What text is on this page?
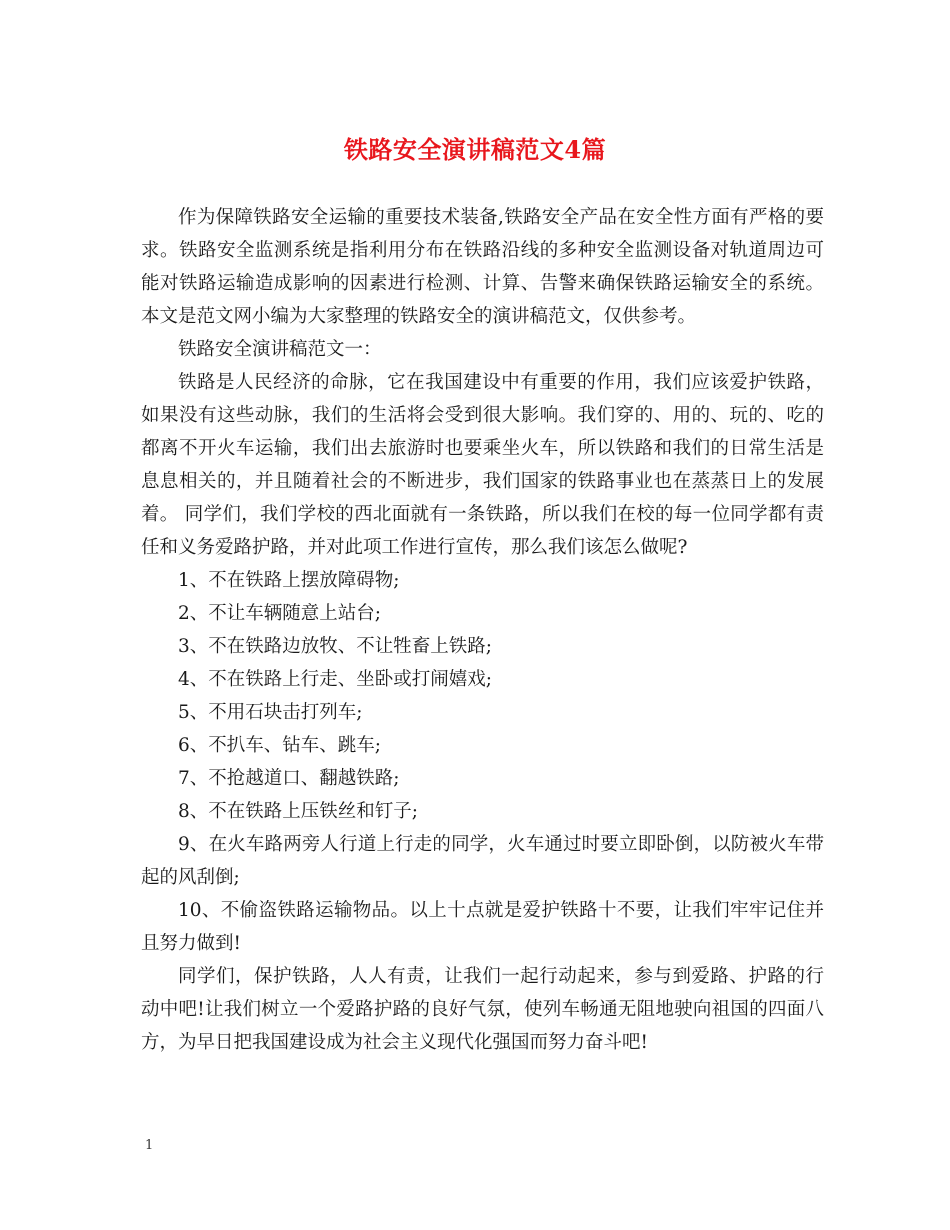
铁路安全演讲稿范文4篇

作为保障铁路安全运输的重要技术装备,铁路安全产品在安全性方面有严格的要求。铁路安全监测系统是指利用分布在铁路沿线的多种安全监测设备对轨道周边可能对铁路运输造成影响的因素进行检测、计算、告警来确保铁路运输安全的系统。本文是范文网小编为大家整理的铁路安全的演讲稿范文，仅供参考。

铁路安全演讲稿范文一：

铁路是人民经济的命脉，它在我国建设中有重要的作用，我们应该爱护铁路，如果没有这些动脉，我们的生活将会受到很大影响。我们穿的、用的、玩的、吃的都离不开火车运输，我们出去旅游时也要乘坐火车，所以铁路和我们的日常生活是息息相关的，并且随着社会的不断进步，我们国家的铁路事业也在蒸蒸日上的发展着。 同学们，我们学校的西北面就有一条铁路，所以我们在校的每一位同学都有责任和义务爱路护路，并对此项工作进行宣传，那么我们该怎么做呢?

1、不在铁路上摆放障碍物;

2、不让车辆随意上站台;

3、不在铁路边放牧、不让牲畜上铁路;

4、不在铁路上行走、坐卧或打闹嬉戏;

5、不用石块击打列车;

6、不扒车、钻车、跳车;

7、不抢越道口、翻越铁路;

8、不在铁路上压铁丝和钉子;

9、在火车路两旁人行道上行走的同学，火车通过时要立即卧倒，以防被火车带起的风刮倒;

10、不偷盗铁路运输物品。以上十点就是爱护铁路十不要，让我们牢牢记住并且努力做到!

同学们，保护铁路，人人有责，让我们一起行动起来，参与到爱路、护路的行动中吧!让我们树立一个爱路护路的良好气氛，使列车畅通无阻地驶向祖国的四面八方，为早日把我国建设成为社会主义现代化强国而努力奋斗吧!

1
